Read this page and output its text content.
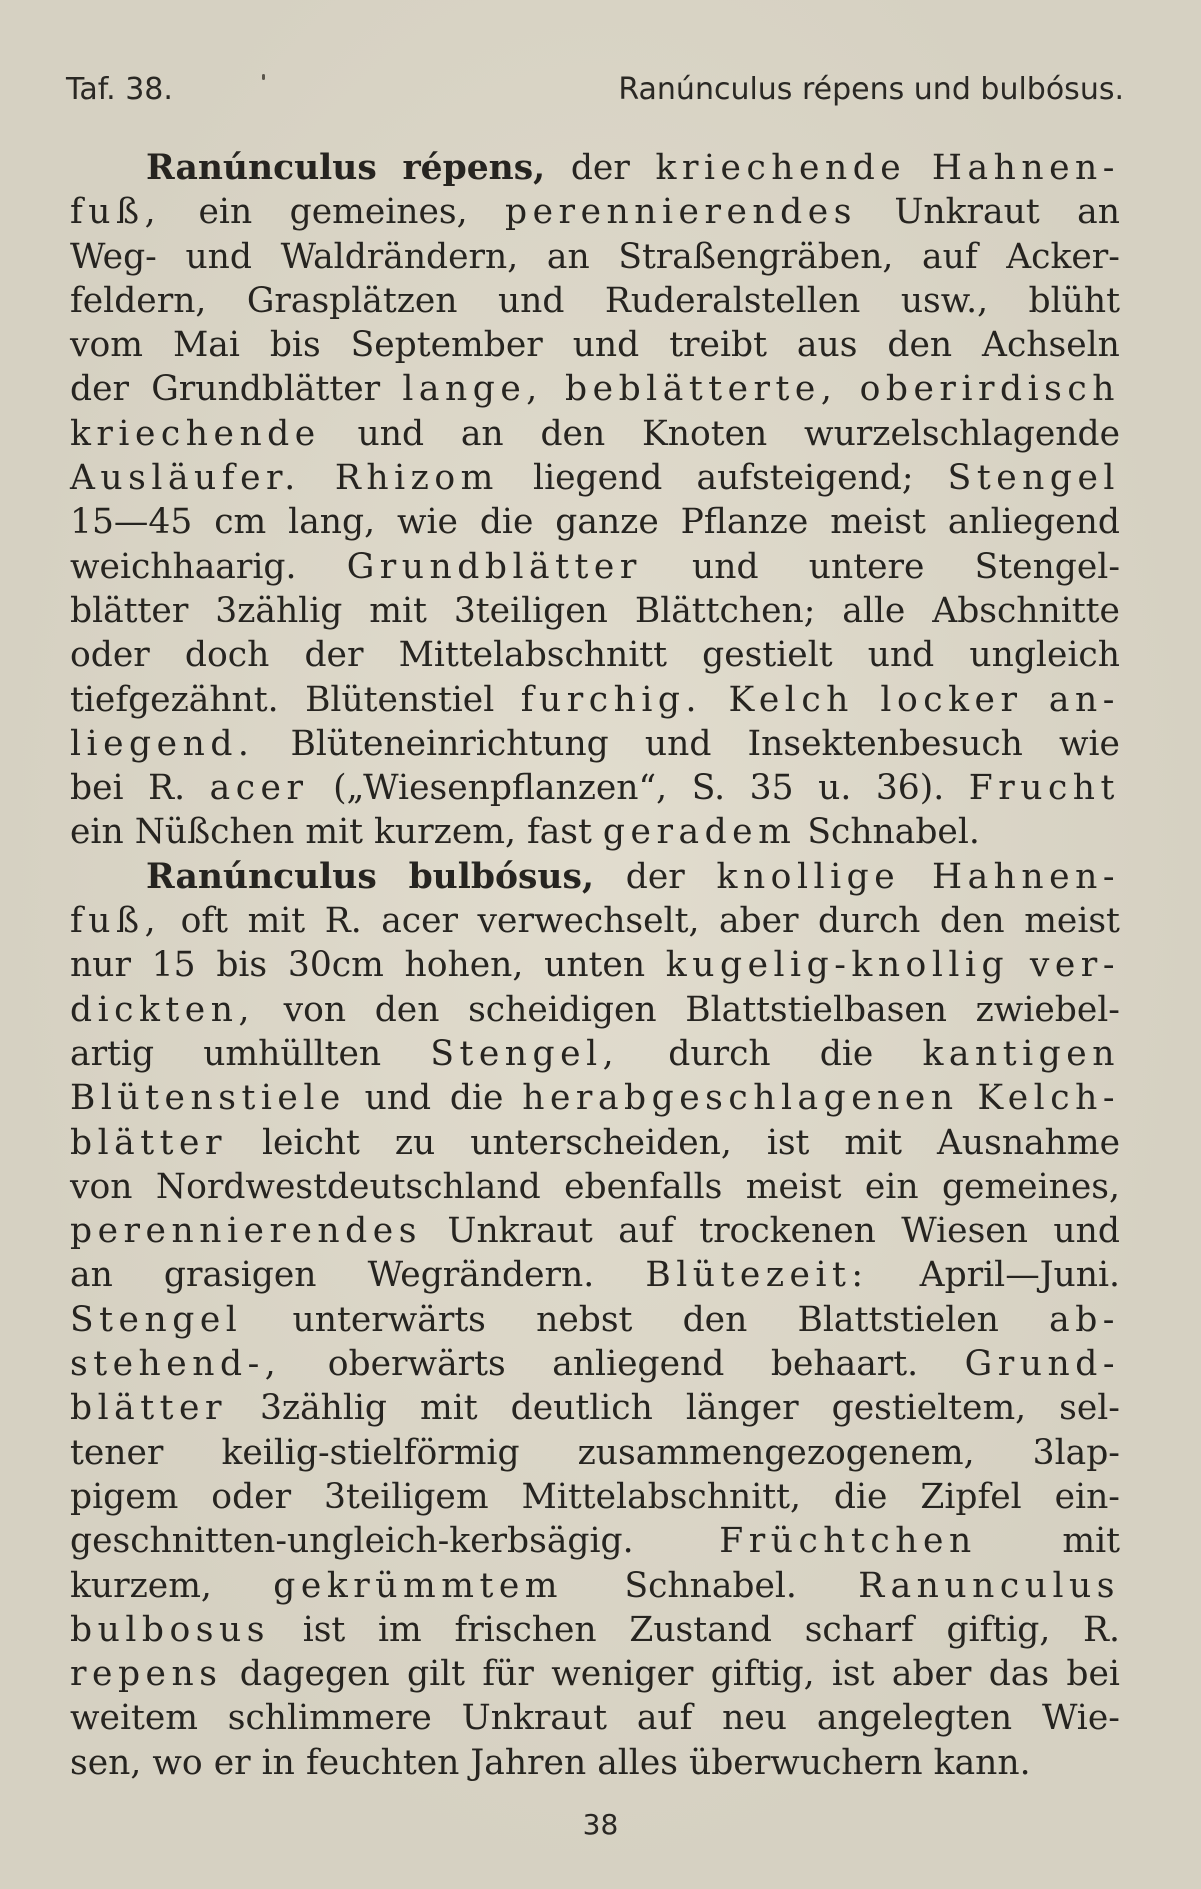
Taf. 38.	Ranúnculus répens und bulbósus.
Ranúnculus répens, der kriechende Hahnen-
fuß, ein gemeines, perennierendes Unkraut an
Weg- und Waldrändern, an Straßengräben, auf Acker-
feldern, Grasplätzen und Ruderalstellen usw., blüht
vom Mai bis September und treibt aus den Achseln
der Grundblätter lange, beblätterte, oberirdisch
kriechende und an den Knoten wurzelschlagende
Ausläufer. Rhizom liegend aufsteigend; Stengel
15—45 cm lang, wie die ganze Pflanze meist anliegend
weichhaarig. Grundblätter und untere Stengel-
blätter 3zählig mit 3teiligen Blättchen; alle Abschnitte
oder doch der Mittelabschnitt gestielt und ungleich
tiefgezähnt. Blütenstiel furchig. Kelch locker an-
liegend. Blüteneinrichtung und Insektenbesuch wie
bei R. acer („Wiesenpflanzen“, S. 35 u. 36). Frucht
ein Nüßchen mit kurzem, fast geradem Schnabel.
Ranúnculus bulbósus, der knollige Hahnen-
fuß, oft mit R. acer verwechselt, aber durch den meist
nur 15 bis 30cm hohen, unten kugelig-knollig ver-
dickten, von den scheidigen Blattstielbasen zwiebel-
artig umhüllten Stengel, durch die kantigen
Blütenstiele und die herabgeschlagenen Kelch-
blätter leicht zu unterscheiden, ist mit Ausnahme
von Nordwestdeutschland ebenfalls meist ein gemeines,
perennierendes Unkraut auf trockenen Wiesen und
an grasigen Wegrändern. Blütezeit: April—Juni.
Stengel unterwärts nebst den Blattstielen ab-
stehend-, oberwärts anliegend behaart. Grund-
blätter 3zählig mit deutlich länger gestieltem, sel-
tener keilig-stielförmig zusammengezogenem, 3lap-
pigem oder 3teiligem Mittelabschnitt, die Zipfel ein-
geschnitten-ungleich-kerbsägig. Früchtchen mit
kurzem, gekrümmtem Schnabel. Ranunculus
bulbosus ist im frischen Zustand scharf giftig, R.
repens dagegen gilt für weniger giftig, ist aber das bei
weitem schlimmere Unkraut auf neu angelegten Wie-
sen, wo er in feuchten Jahren alles überwuchern kann.
38
